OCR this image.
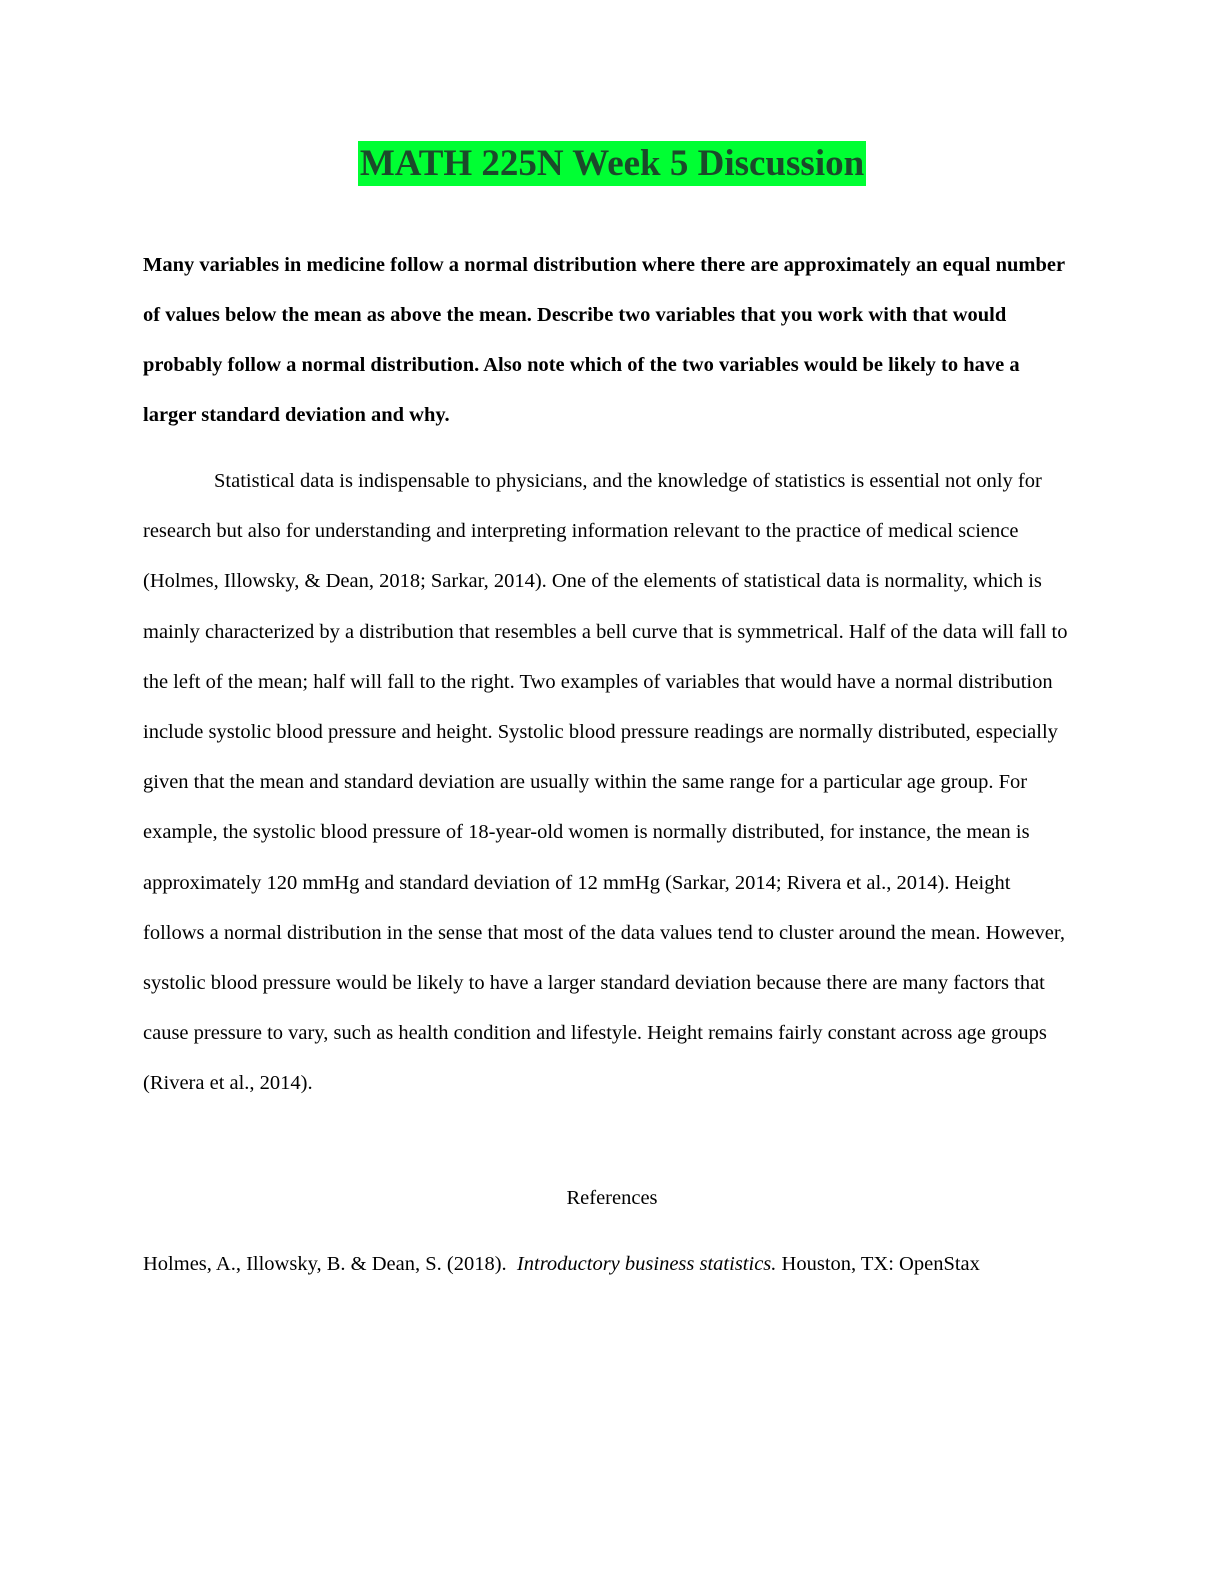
MATH 225N Week 5 Discussion

Many variables in medicine follow a normal distribution where there are approximately an equal number of values below the mean as above the mean. Describe two variables that you work with that would probably follow a normal distribution. Also note which of the two variables would be likely to have a larger standard deviation and why.

Statistical data is indispensable to physicians, and the knowledge of statistics is essential not only for research but also for understanding and interpreting information relevant to the practice of medical science (Holmes, Illowsky, & Dean, 2018; Sarkar, 2014). One of the elements of statistical data is normality, which is mainly characterized by a distribution that resembles a bell curve that is symmetrical. Half of the data will fall to the left of the mean; half will fall to the right. Two examples of variables that would have a normal distribution include systolic blood pressure and height. Systolic blood pressure readings are normally distributed, especially given that the mean and standard deviation are usually within the same range for a particular age group. For example, the systolic blood pressure of 18-year-old women is normally distributed, for instance, the mean is approximately 120 mmHg and standard deviation of 12 mmHg (Sarkar, 2014; Rivera et al., 2014). Height follows a normal distribution in the sense that most of the data values tend to cluster around the mean. However, systolic blood pressure would be likely to have a larger standard deviation because there are many factors that cause pressure to vary, such as health condition and lifestyle. Height remains fairly constant across age groups (Rivera et al., 2014).

References

Holmes, A., Illowsky, B. & Dean, S. (2018). Introductory business statistics. Houston, TX: OpenStax
